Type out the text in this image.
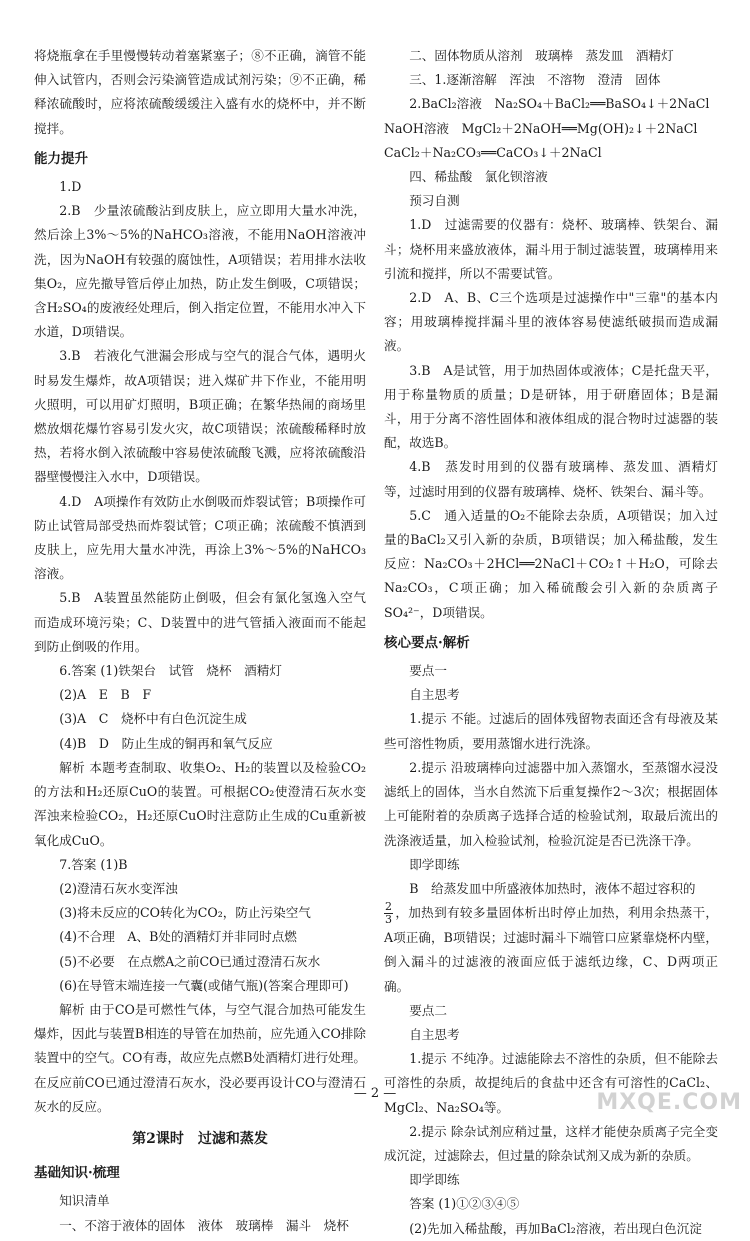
将烧瓶拿在手里慢慢转动着塞紧塞子；⑧不正确，滴管不能伸入试管内，否则会污染滴管造成试剂污染；⑨不正确，稀释浓硫酸时，应将浓硫酸缓缓注入盛有水的烧杯中，并不断搅拌。

能力提升

1.D

2.B　少量浓硫酸沾到皮肤上，应立即用大量水冲洗，然后涂上3%～5%的NaHCO₃溶液，不能用NaOH溶液冲洗，因为NaOH有较强的腐蚀性，A项错误；若用排水法收集O₂，应先撤导管后停止加热，防止发生倒吸，C项错误；含H₂SO₄的废液经处理后，倒入指定位置，不能用水冲入下水道，D项错误。

3.B　若液化气泄漏会形成与空气的混合气体，遇明火时易发生爆炸，故A项错误；进入煤矿井下作业，不能用明火照明，可以用矿灯照明，B项正确；在繁华热闹的商场里燃放烟花爆竹容易引发火灾，故C项错误；浓硫酸稀释时放热，若将水倒入浓硫酸中容易使浓硫酸飞溅，应将浓硫酸沿器壁慢慢注入水中，D项错误。

4.D　A项操作有效防止水倒吸而炸裂试管；B项操作可防止试管局部受热而炸裂试管；C项正确；浓硫酸不慎洒到皮肤上，应先用大量水冲洗，再涂上3%～5%的NaHCO₃溶液。

5.B　A装置虽然能防止倒吸，但会有氯化氢逸入空气而造成环境污染；C、D装置中的进气管插入液面而不能起到防止倒吸的作用。

6.答案 (1)铁架台　试管　烧杯　酒精灯

(2)A　E　B　F

(3)A　C　烧杯中有白色沉淀生成

(4)B　D　防止生成的铜再和氧气反应

解析 本题考查制取、收集O₂、H₂的装置以及检验CO₂的方法和H₂还原CuO的装置。可根据CO₂使澄清石灰水变浑浊来检验CO₂，H₂还原CuO时注意防止生成的Cu重新被氧化成CuO。

7.答案 (1)B

(2)澄清石灰水变浑浊

(3)将未反应的CO转化为CO₂，防止污染空气

(4)不合理　A、B处的酒精灯并非同时点燃

(5)不必要　在点燃A之前CO已通过澄清石灰水

(6)在导管末端连接一气囊(或储气瓶)(答案合理即可)

解析 由于CO是可燃性气体，与空气混合加热可能发生爆炸，因此与装置B相连的导管在加热前，应先通入CO排除装置中的空气。CO有毒，故应先点燃B处酒精灯进行处理。在反应前CO已通过澄清石灰水，没必要再设计CO与澄清石灰水的反应。

第2课时　过滤和蒸发

基础知识·梳理

知识清单

一、不溶于液体的固体　液体　玻璃棒　漏斗　烧杯

二、固体物质从溶剂　玻璃棒　蒸发皿　酒精灯

三、1.逐渐溶解　浑浊　不溶物　澄清　固体

2.BaCl₂溶液　Na₂SO₄＋BaCl₂══BaSO₄↓＋2NaCl

NaOH溶液　MgCl₂＋2NaOH══Mg(OH)₂↓＋2NaCl

CaCl₂＋Na₂CO₃══CaCO₃↓＋2NaCl

四、稀盐酸　氯化钡溶液

预习自测

1.D　过滤需要的仪器有：烧杯、玻璃棒、铁架台、漏斗；烧杯用来盛放液体，漏斗用于制过滤装置，玻璃棒用来引流和搅拌，所以不需要试管。

2.D　A、B、C三个选项是过滤操作中"三靠"的基本内容；用玻璃棒搅拌漏斗里的液体容易使滤纸破损而造成漏液。

3.B　A是试管，用于加热固体或液体；C是托盘天平，用于称量物质的质量；D是研钵，用于研磨固体；B是漏斗，用于分离不溶性固体和液体组成的混合物时过滤器的装配，故选B。

4.B　蒸发时用到的仪器有玻璃棒、蒸发皿、酒精灯等，过滤时用到的仪器有玻璃棒、烧杯、铁架台、漏斗等。

5.C　通入适量的O₂不能除去杂质，A项错误；加入过量的BaCl₂又引入新的杂质，B项错误；加入稀盐酸，发生反应：Na₂CO₃＋2HCl══2NaCl＋CO₂↑＋H₂O，可除去Na₂CO₃，C项正确；加入稀硫酸会引入新的杂质离子SO₄²⁻，D项错误。

核心要点·解析

要点一

自主思考

1.提示 不能。过滤后的固体残留物表面还含有母液及某些可溶性物质，要用蒸馏水进行洗涤。

2.提示 沿玻璃棒向过滤器中加入蒸馏水，至蒸馏水浸没滤纸上的固体，当水自然流下后重复操作2～3次；根据固体上可能附着的杂质离子选择合适的检验试剂，取最后流出的洗涤液适量，加入检验试剂，检验沉淀是否已洗涤干净。

即学即练

B　给蒸发皿中所盛液体加热时，液体不超过容积的

$\frac{2}{3}$ ，加热到有较多量固体析出时停止加热，利用余热蒸干，A项正确，B项错误；过滤时漏斗下端管口应紧靠烧杯内壁，倒入漏斗的过滤液的液面应低于滤纸边缘，C、D两项正确。

要点二

自主思考

1.提示 不纯净。过滤能除去不溶性的杂质，但不能除去可溶性的杂质，故提纯后的食盐中还含有可溶性的CaCl₂、MgCl₂、Na₂SO₄等。

2.提示 除杂试剂应稍过量，这样才能使杂质离子完全变成沉淀，过滤除去，但过量的除杂试剂又成为新的杂质。

即学即练

答案 (1)①②③④⑤

(2)先加入稀盐酸，再加BaCl₂溶液，若出现白色沉淀

— 2 —	MXQE.COM
